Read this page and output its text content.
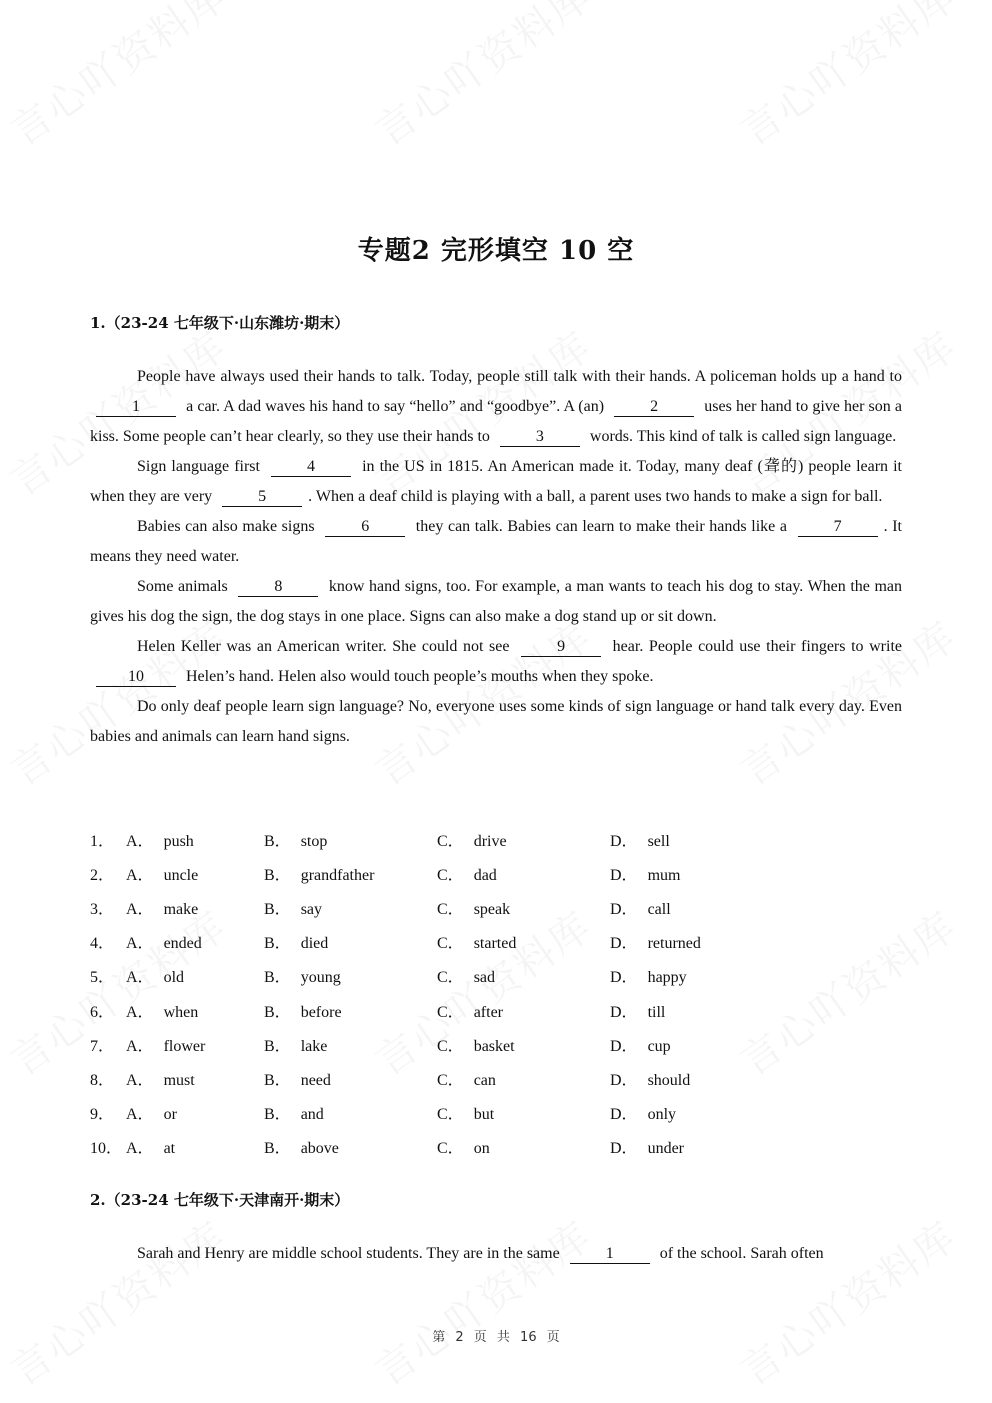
专题2 完形填空 10 空
1.（23-24 七年级下·山东潍坊·期末）

People have always used their hands to talk. Today, people still talk with their hands. A policeman holds up a hand to 1	a car. A dad waves his hand to say “hello” and “goodbye”. A (an)	2	uses her hand to give her son a kiss. Some people can’t hear clearly, so they use their hands to	3	words. This kind of talk is called sign language.

Sign language first	4	in the US in 1815. An American made it. Today, many deaf (聋的) people learn it when they are very	5	. When a deaf child is playing with a ball, a parent uses two hands to make a sign for ball.

Babies can also make signs	6	they can talk. Babies can learn to make their hands like a	7	. It means they need water.

Some animals	8	know hand signs, too. For example, a man wants to teach his dog to stay. When the man gives his dog the sign, the dog stays in one place. Signs can also make a dog stand up or sit down.

Helen Keller was an American writer. She could not see	9	hear. People could use their fingers to write 10 Helen’s hand. Helen also would touch people’s mouths when they spoke.

Do only deaf people learn sign language? No, everyone uses some kinds of sign language or hand talk every day. Even babies and animals can learn hand signs.

1． A． push	B． stop	C． drive	D． sell
2． A． uncle	B． grandfather	C． dad	D． mum
3． A． make	B． say	C． speak	D． call
4． A． ended	B． died	C． started	D． returned
5． A． old	B． young	C． sad	D． happy
6． A． when	B． before	C． after	D． till
7． A． flower	B． lake	C． basket	D． cup
8． A． must	B． need	C． can	D． should
9． A． or	B． and	C． but	D． only
10． A． at	B． above	C． on	D． under
2.（23-24 七年级下·天津南开·期末）

Sarah and Henry are middle school students. They are in the same	1	of the school. Sarah often

第 2 页 共 16 页
